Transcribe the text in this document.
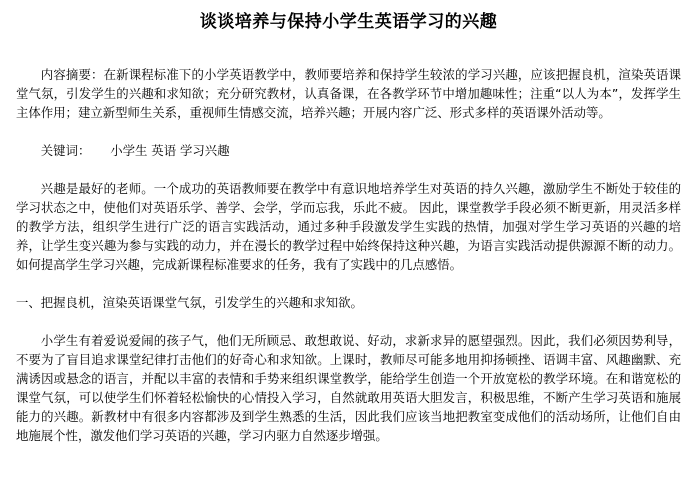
谈谈培养与保持小学生英语学习的兴趣

内容摘要：在新课程标准下的小学英语教学中，教师要培养和保持学生较浓的学习兴趣，应该把握良机，渲染英语课堂气氛，引发学生的兴趣和求知欲；充分研究教材，认真备课，在各教学环节中增加趣味性；注重“以人为本”，发挥学生主体作用；建立新型师生关系，重视师生情感交流，培养兴趣；开展内容广泛、形式多样的英语课外活动等。

关键词： 小学生 英语 学习兴趣

兴趣是最好的老师。一个成功的英语教师要在教学中有意识地培养学生对英语的持久兴趣，激励学生不断处于较佳的学习状态之中，使他们对英语乐学、善学、会学，学而忘我，乐此不疲。 因此，课堂教学手段必须不断更新，用灵活多样的教学方法，组织学生进行广泛的语言实践活动，通过多种手段激发学生实践的热情，加强对学生学习英语的兴趣的培养，让学生变兴趣为参与实践的动力，并在漫长的教学过程中始终保持这种兴趣，为语言实践活动提供源源不断的动力。如何提高学生学习兴趣，完成新课程标准要求的任务，我有了实践中的几点感悟。

一、把握良机，渲染英语课堂气氛，引发学生的兴趣和求知欲。

小学生有着爱说爱闹的孩子气，他们无所顾忌、敢想敢说、好动，求新求异的愿望强烈。因此，我们必须因势利导，不要为了盲目追求课堂纪律打击他们的好奇心和求知欲。上课时，教师尽可能多地用抑扬顿挫、语调丰富、风趣幽默、充满诱因或悬念的语言，并配以丰富的表情和手势来组织课堂教学，能给学生创造一个开放宽松的教学环境。在和谐宽松的课堂气氛，可以使学生们怀着轻松愉快的心情投入学习，自然就敢用英语大胆发言，积极思维，不断产生学习英语和施展能力的兴趣。新教材中有很多内容都涉及到学生熟悉的生活，因此我们应该当地把教室变成他们的活动场所，让他们自由地施展个性，激发他们学习英语的兴趣，学习内驱力自然逐步增强。
